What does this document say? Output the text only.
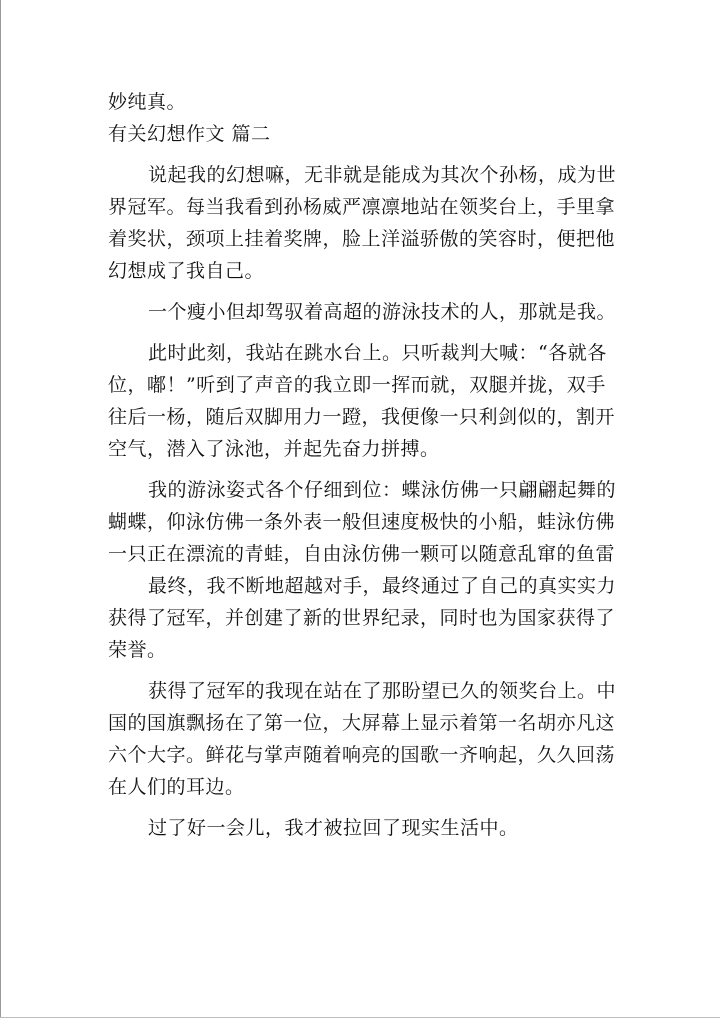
妙纯真。
有关幻想作文 篇二
说起我的幻想嘛，无非就是能成为其次个孙杨，成为世
界冠军。每当我看到孙杨威严凛凛地站在领奖台上，手里拿
着奖状，颈项上挂着奖牌，脸上洋溢骄傲的笑容时，便把他
幻想成了我自己。
一个瘦小但却驾驭着高超的游泳技术的人，那就是我。
此时此刻，我站在跳水台上。只听裁判大喊：“各就各
位，嘟！”听到了声音的我立即一挥而就，双腿并拢，双手
往后一杨，随后双脚用力一蹬，我便像一只利剑似的，割开
空气，潜入了泳池，并起先奋力拼搏。
我的游泳姿式各个仔细到位：蝶泳仿佛一只翩翩起舞的
蝴蝶，仰泳仿佛一条外表一般但速度极快的小船，蛙泳仿佛
一只正在漂流的青蛙，自由泳仿佛一颗可以随意乱窜的鱼雷
最终，我不断地超越对手，最终通过了自己的真实实力
获得了冠军，并创建了新的世界纪录，同时也为国家获得了
荣誉。
获得了冠军的我现在站在了那盼望已久的领奖台上。中
国的国旗飘扬在了第一位，大屏幕上显示着第一名胡亦凡这
六个大字。鲜花与掌声随着响亮的国歌一齐响起，久久回荡
在人们的耳边。
过了好一会儿，我才被拉回了现实生活中。
